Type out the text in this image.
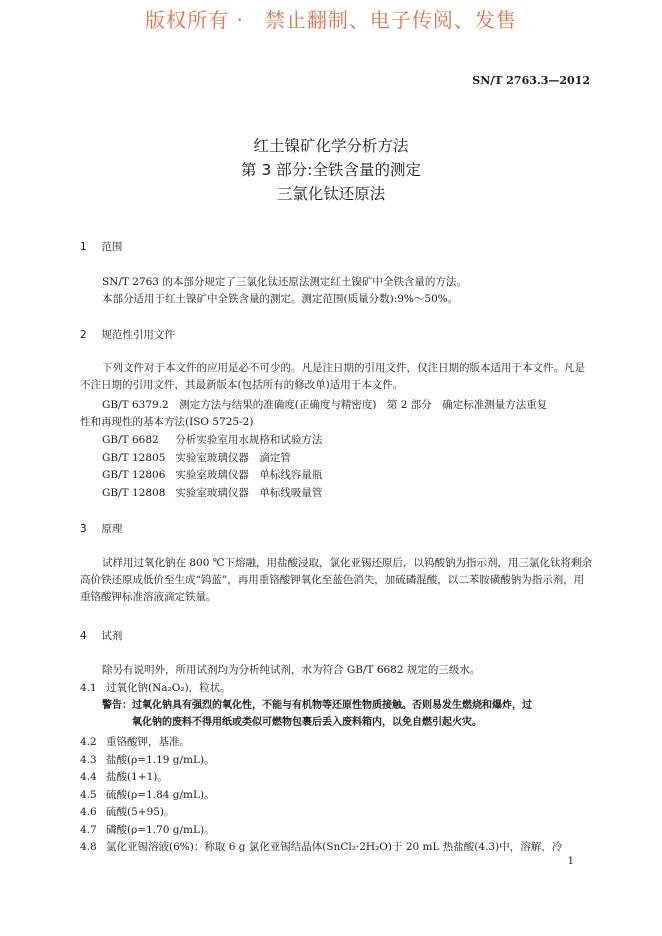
版权所有 ·　禁止翻制、电子传阅、发售
SN/T 2763.3—2012
红土镍矿化学分析方法
第 3 部分:全铁含量的测定
三氯化钛还原法
1 范围
SN/T 2763 的本部分规定了三氯化钛还原法测定红土镍矿中全铁含量的方法。
本部分适用于红土镍矿中全铁含量的测定。测定范围(质量分数):9%～50%。
2 规范性引用文件
下列文件对于本文件的应用是必不可少的。凡是注日期的引用文件，仅注日期的版本适用于本文件。凡是不注日期的引用文件，其最新版本(包括所有的修改单)适用于本文件。
GB/T 6379.2　测定方法与结果的准确度(正确度与精密度)　第 2 部分　确定标准测量方法重复
性和再现性的基本方法(ISO 5725-2)
GB/T 6682 分析实验室用水规格和试验方法
GB/T 12805 实验室玻璃仪器　滴定管
GB/T 12806 实验室玻璃仪器　单标线容量瓶
GB/T 12808 实验室玻璃仪器　单标线吸量管
3 原理
试样用过氧化钠在 800 ℃下熔融，用盐酸浸取，氯化亚锡还原后，以钨酸钠为指示剂，用三氯化钛将剩余高价铁还原成低价至生成“钨蓝”，再用重铬酸钾氧化至蓝色消失，加硫磷混酸，以二苯胺磺酸钠为指示剂，用重铬酸钾标准溶液滴定铁量。
4 试剂
除另有说明外，所用试剂均为分析纯试剂，水为符合 GB/T 6682 规定的三级水。
4.1 过氧化钠(Na₂O₂)，粒状。
警告：过氧化钠具有强烈的氧化性，不能与有机物等还原性物质接触。否则易发生燃烧和爆炸，过
氧化钠的废料不得用纸或类似可燃物包裹后丢入废料箱内，以免自燃引起火灾。
4.2 重铬酸钾，基准。
4.3 盐酸(ρ=1.19 g/mL)。
4.4 盐酸(1+1)。
4.5 硫酸(ρ=1.84 g/mL)。
4.6 硫酸(5+95)。
4.7 磷酸(ρ=1.70 g/mL)。
4.8 氯化亚锡溶液(6%)：称取 6 g 氯化亚锡结晶体(SnCl₂·2H₂O)于 20 mL 热盐酸(4.3)中，溶解，冷
1
